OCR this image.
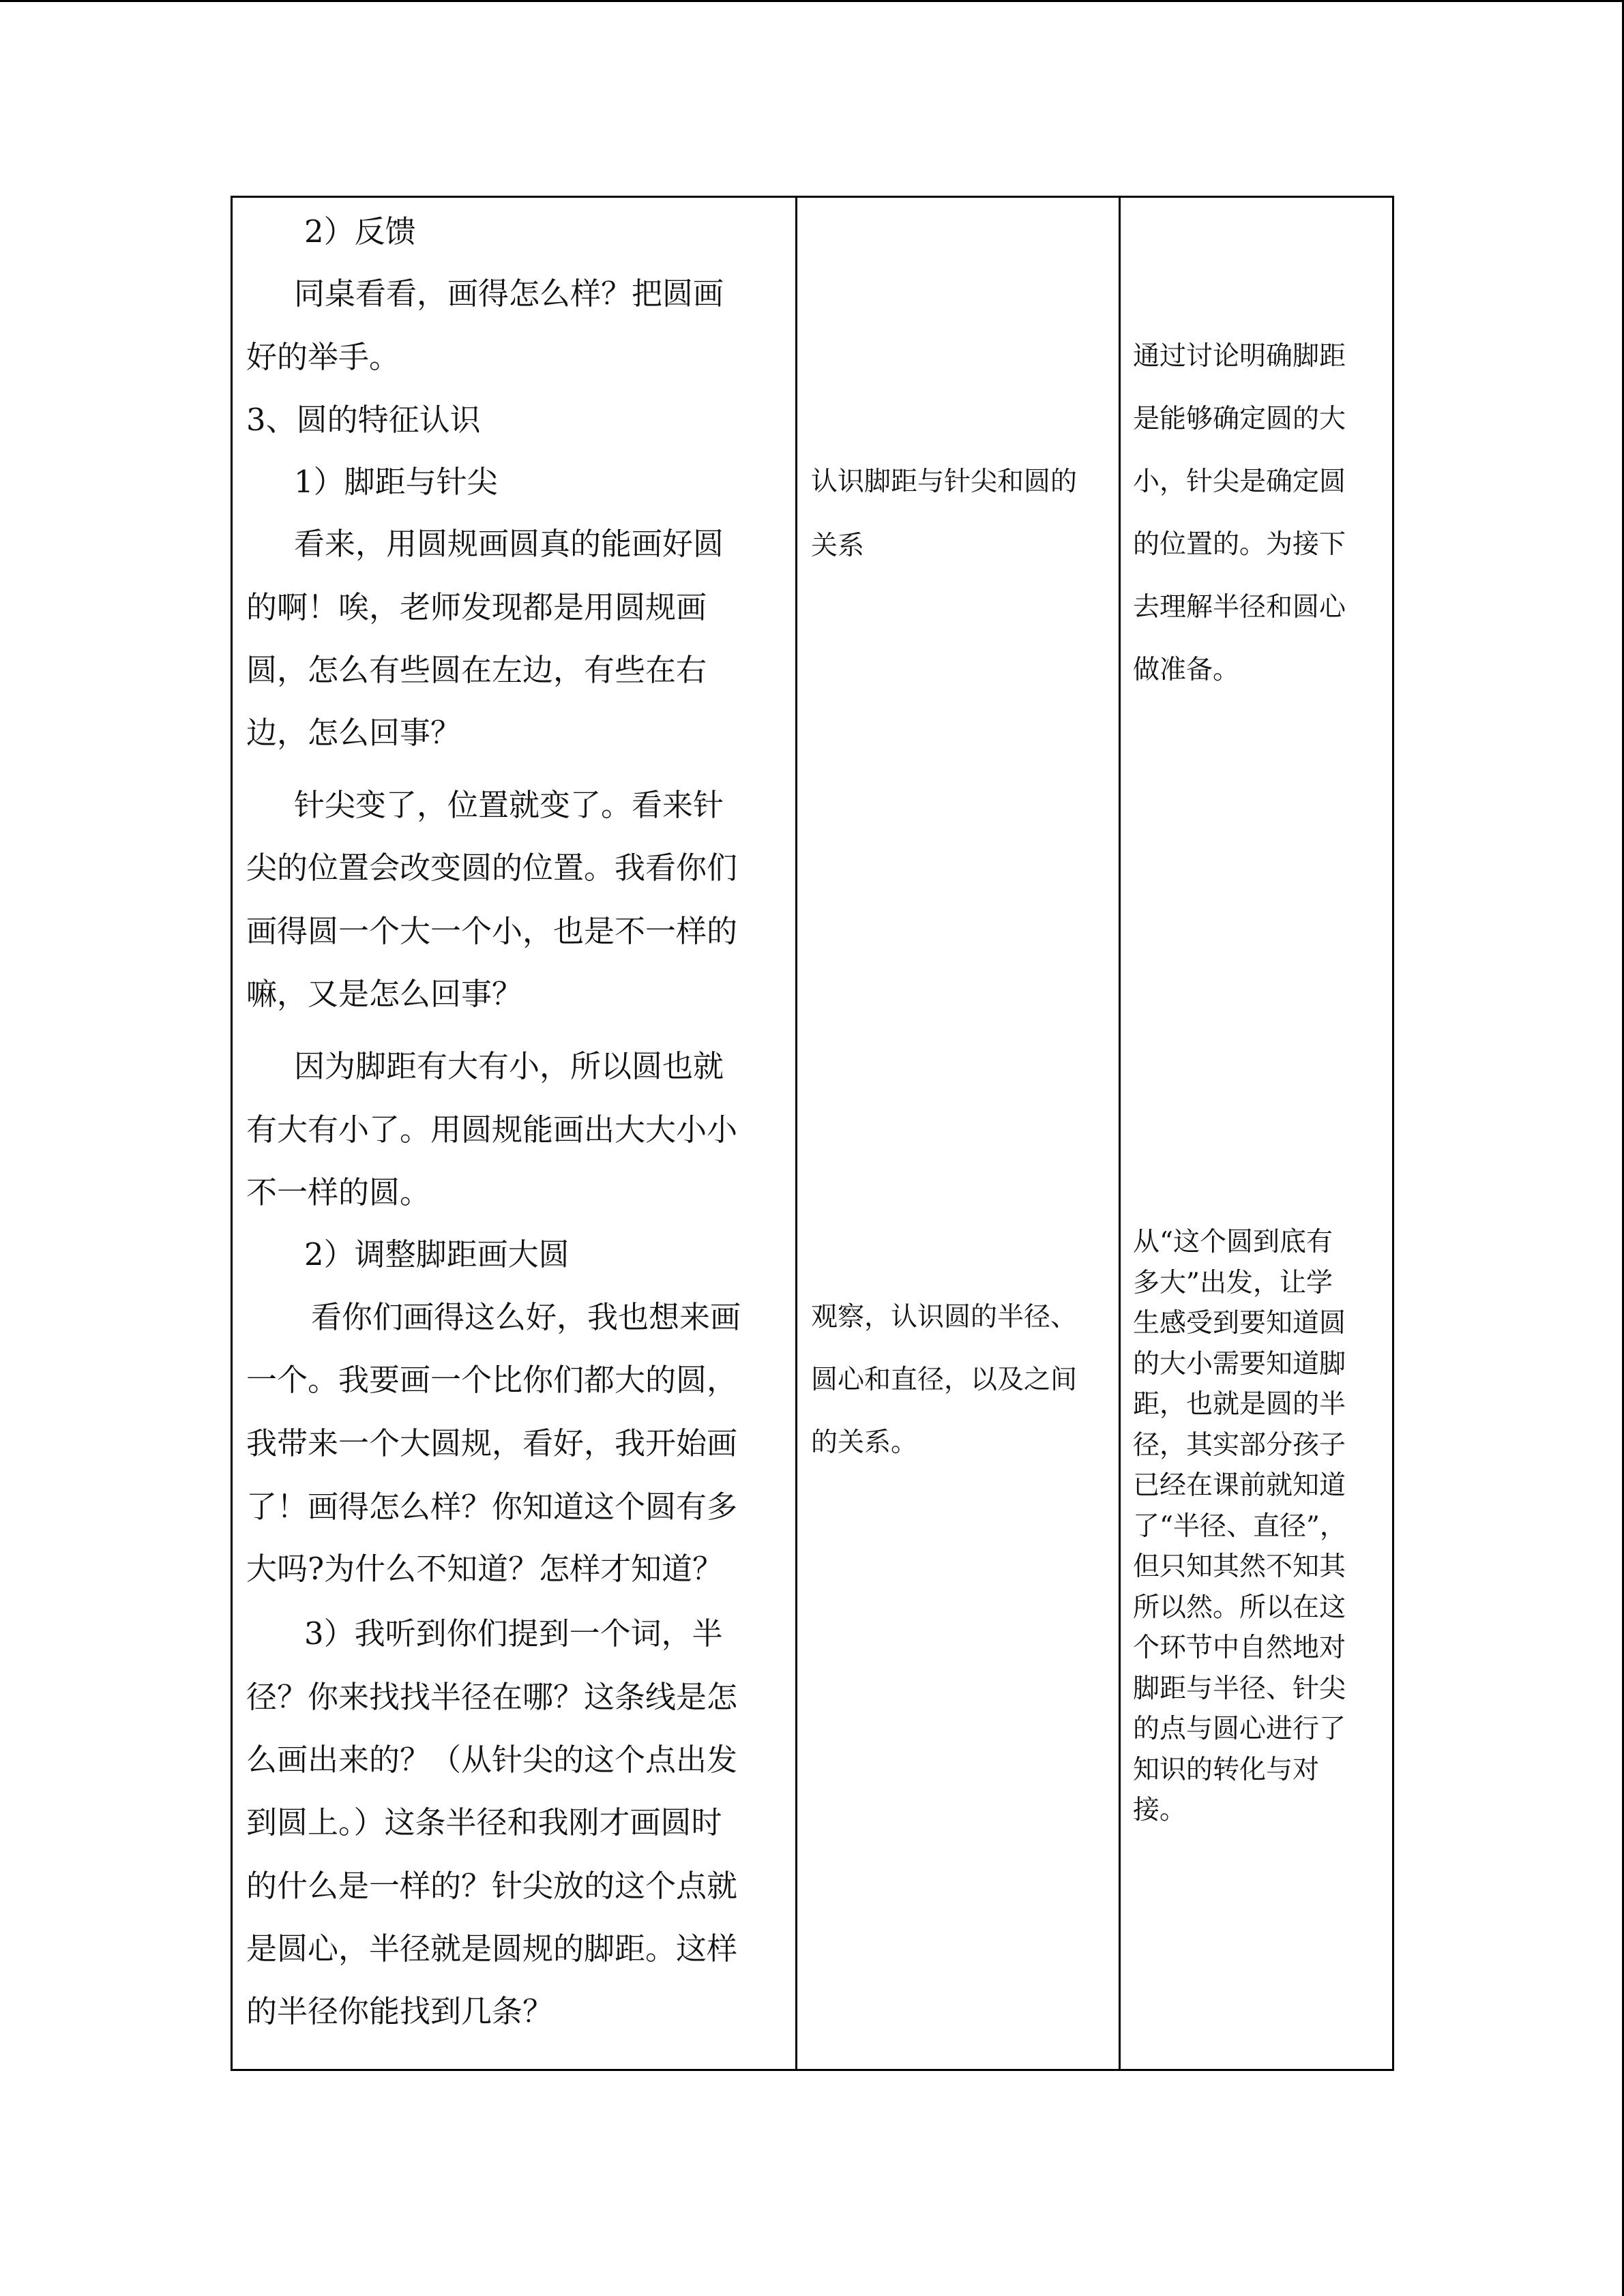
2）反馈
同桌看看，画得怎么样？把圆画
好的举手。
3、圆的特征认识
1）脚距与针尖
看来，用圆规画圆真的能画好圆
的啊！唉，老师发现都是用圆规画
圆，怎么有些圆在左边，有些在右
边，怎么回事？
针尖变了，位置就变了。看来针
尖的位置会改变圆的位置。我看你们
画得圆一个大一个小，也是不一样的
嘛，又是怎么回事？
因为脚距有大有小，所以圆也就
有大有小了。用圆规能画出大大小小
不一样的圆。
2）调整脚距画大圆
看你们画得这么好，我也想来画
一个。我要画一个比你们都大的圆，
我带来一个大圆规，看好，我开始画
了！画得怎么样？你知道这个圆有多
大吗?为什么不知道？怎样才知道？
3）我听到你们提到一个词，半
径？你来找找半径在哪？这条线是怎
么画出来的？（从针尖的这个点出发
到圆上。）这条半径和我刚才画圆时
的什么是一样的？针尖放的这个点就
是圆心，半径就是圆规的脚距。这样
的半径你能找到几条？
认识脚距与针尖和圆的
关系
观察，认识圆的半径、
圆心和直径，以及之间
的关系。
通过讨论明确脚距
是能够确定圆的大
小，针尖是确定圆
的位置的。为接下
去理解半径和圆心
做准备。
从“这个圆到底有
多大”出发，让学
生感受到要知道圆
的大小需要知道脚
距，也就是圆的半
径，其实部分孩子
已经在课前就知道
了“半径、直径”，
但只知其然不知其
所以然。所以在这
个环节中自然地对
脚距与半径、针尖
的点与圆心进行了
知识的转化与对
接。
